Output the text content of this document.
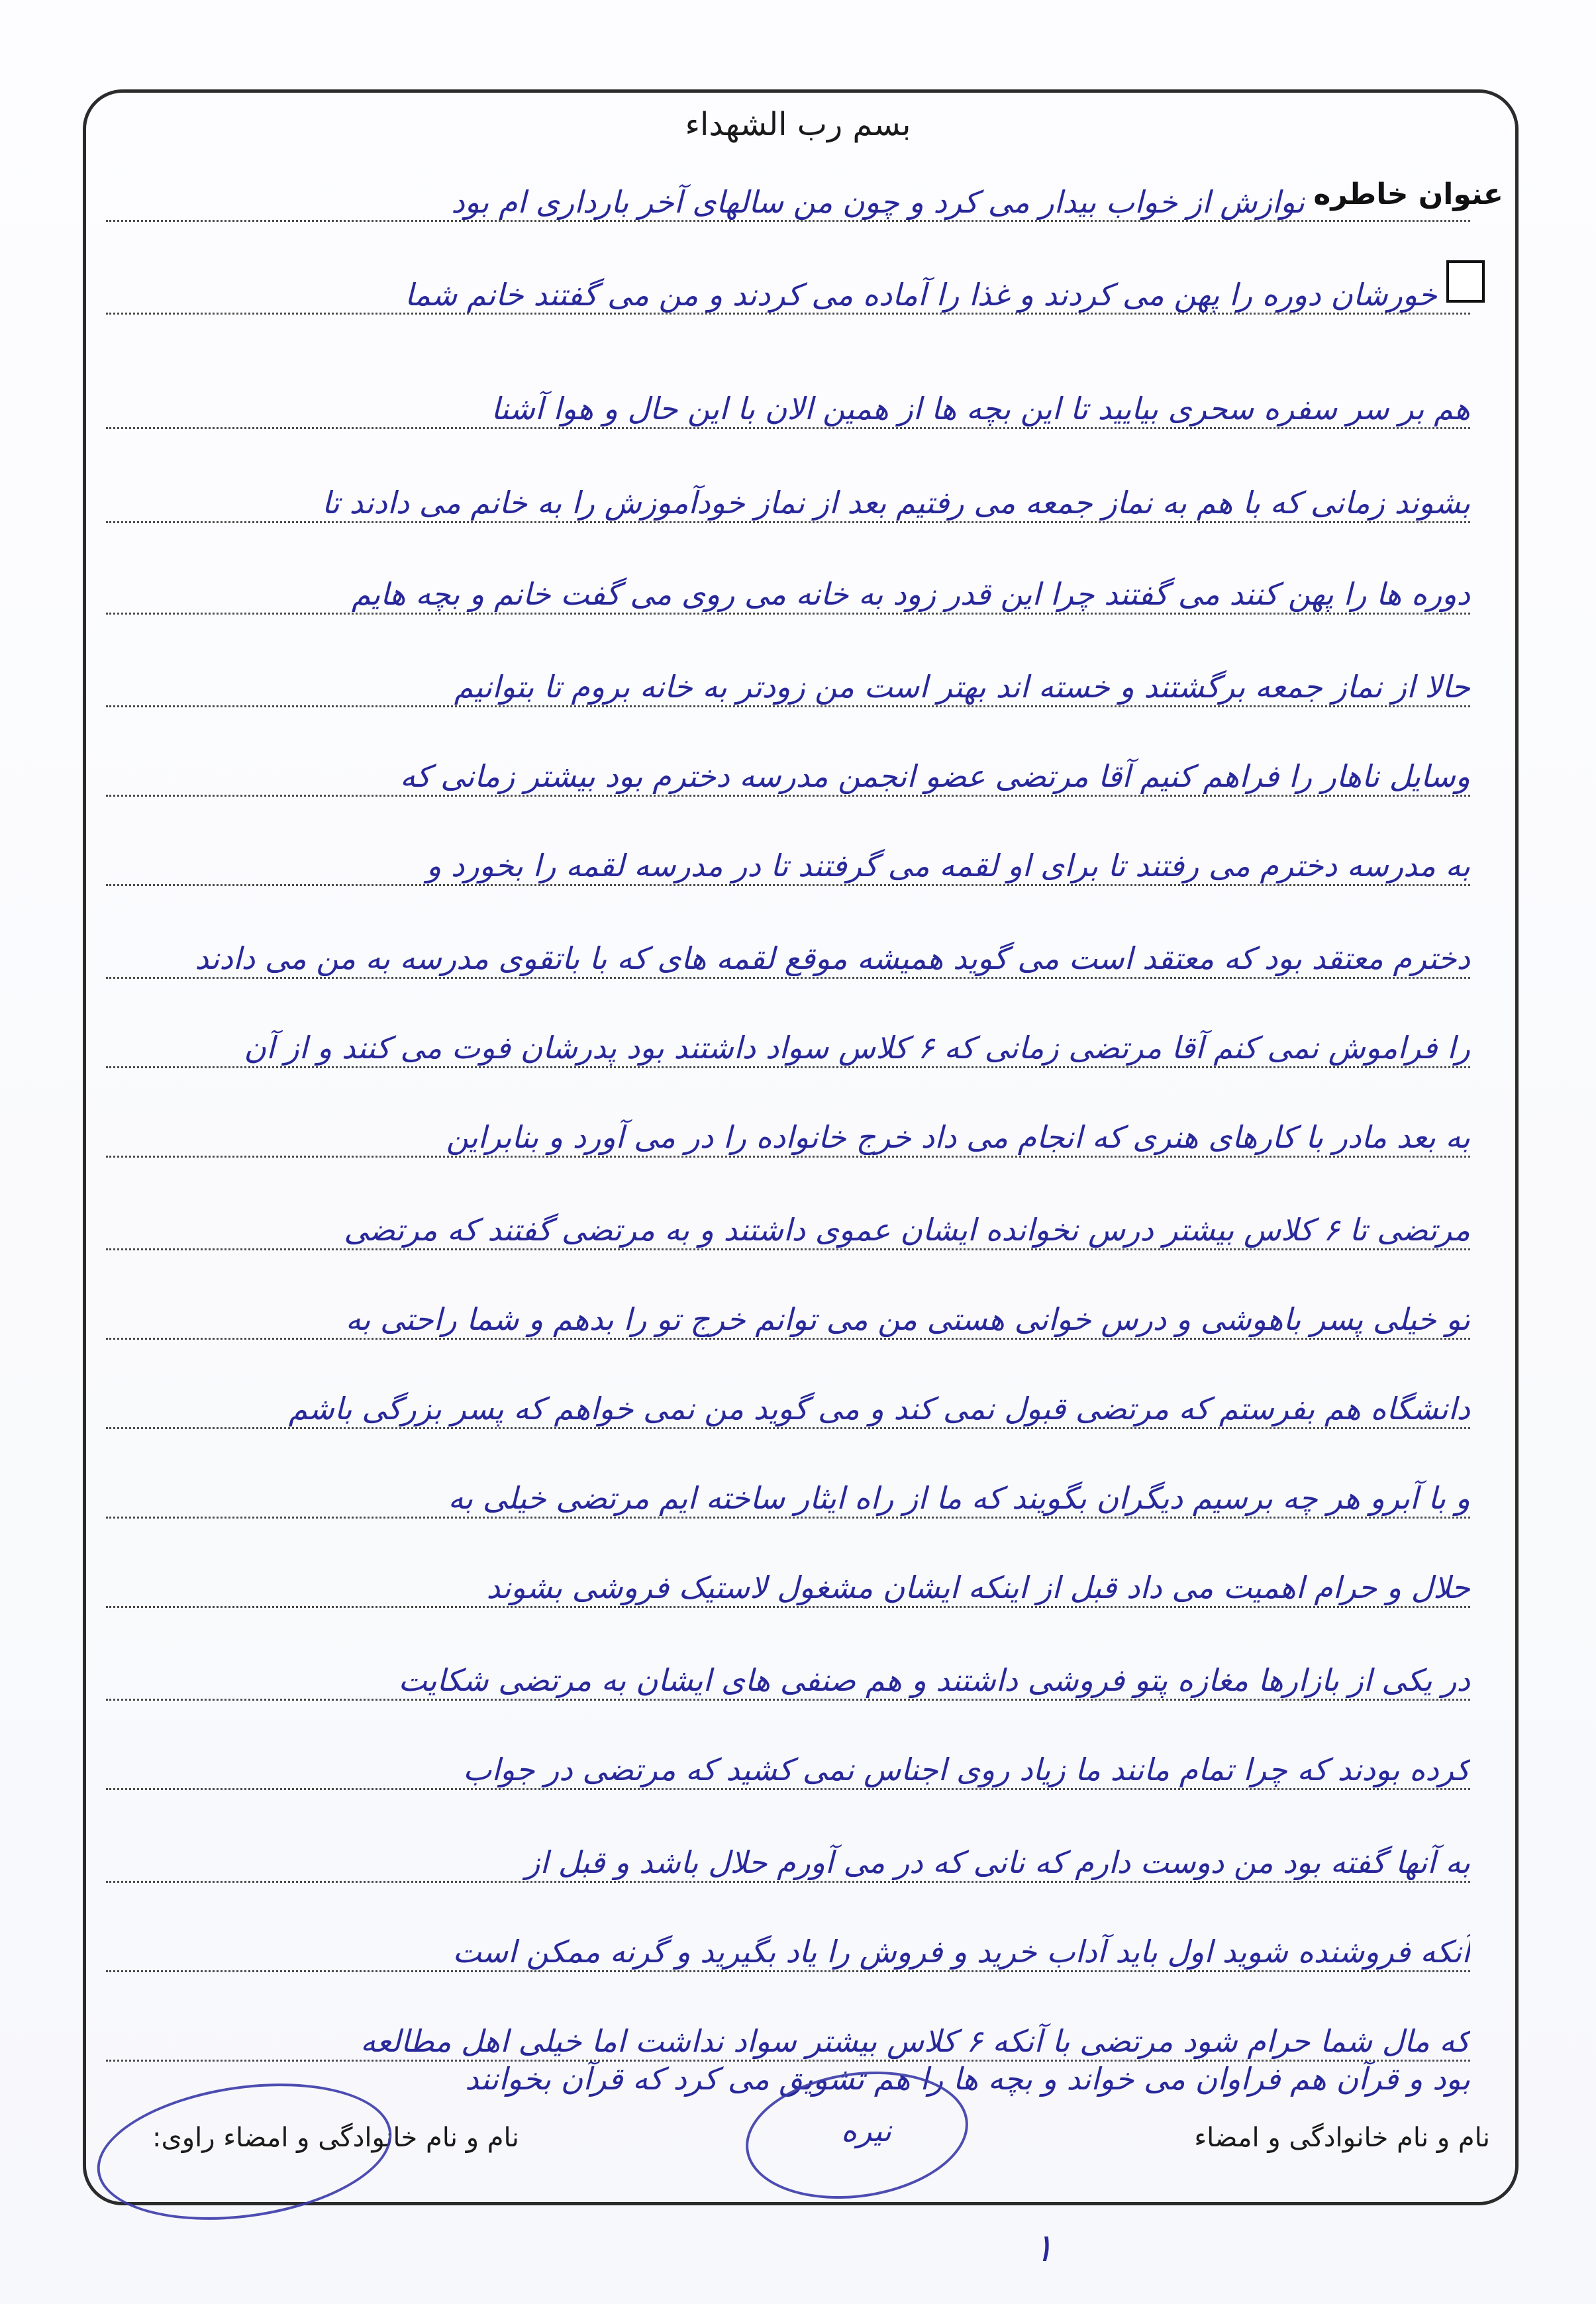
بسم رب الشهداء
عنوان خاطره
نوازش از خواب بیدار می کرد و چون من سالهای آخر بارداری ام بود
خورشان دوره را پهن می کردند و غذا را آماده می کردند و من می گفتند خانم شما
هم بر سر سفره سحری بیایید تا این بچه ها از همین الان با این حال و هوا آشنا
بشوند زمانی که با هم به نماز جمعه می رفتیم بعد از نماز خودآموزش را به خانم می دادند تا
دوره ها را پهن کنند می گفتند چرا این قدر زود به خانه می روی می گفت خانم و بچه هایم
حالا از نماز جمعه برگشتند و خسته اند بهتر است من زودتر به خانه بروم تا بتوانیم
وسایل ناهار را فراهم کنیم آقا مرتضی عضو انجمن مدرسه دخترم بود بیشتر زمانی که
به مدرسه دخترم می رفتند تا برای او لقمه می گرفتند تا در مدرسه لقمه را بخورد و
دخترم معتقد بود که معتقد است می گوید همیشه موقع لقمه های که با باتقوی مدرسه به من می دادند
را فراموش نمی کنم آقا مرتضی زمانی که ۶ کلاس سواد داشتند بود پدرشان فوت می کنند و از آن
به بعد مادر با کارهای هنری که انجام می داد خرج خانواده را در می آورد و بنابراین
مرتضی تا ۶ کلاس بیشتر درس نخوانده ایشان عموی داشتند و به مرتضی گفتند که مرتضی
تو خیلی پسر باهوشی و درس خوانی هستی من می توانم خرج تو را بدهم و شما راحتی به
دانشگاه هم بفرستم که مرتضی قبول نمی کند و می گوید من نمی خواهم که پسر بزرگی باشم
و با آبرو هر چه برسیم دیگران بگویند که ما از راه ایثار ساخته ایم مرتضی خیلی به
حلال و حرام اهمیت می داد قبل از اینکه ایشان مشغول لاستیک فروشی بشوند
در یکی از بازارها مغازه پتو فروشی داشتند و هم صنفی های ایشان به مرتضی شکایت
کرده بودند که چرا تمام مانند ما زیاد روی اجناس نمی کشید که مرتضی در جواب
به آنها گفته بود من دوست دارم که نانی که در می آورم حلال باشد و قبل از
آنکه فروشنده شوید اول باید آداب خرید و فروش را یاد بگیرید و گرنه ممکن است
که مال شما حرام شود مرتضی با آنکه ۶ کلاس بیشتر سواد نداشت اما خیلی اهل مطالعه
بود و قرآن هم فراوان می خواند و بچه ها را هم تشویق می کرد که قرآن بخوانند
نام و نام خانوادگی و امضاء
نیره
نام و نام خانوادگی و امضاء راوی:
۱
